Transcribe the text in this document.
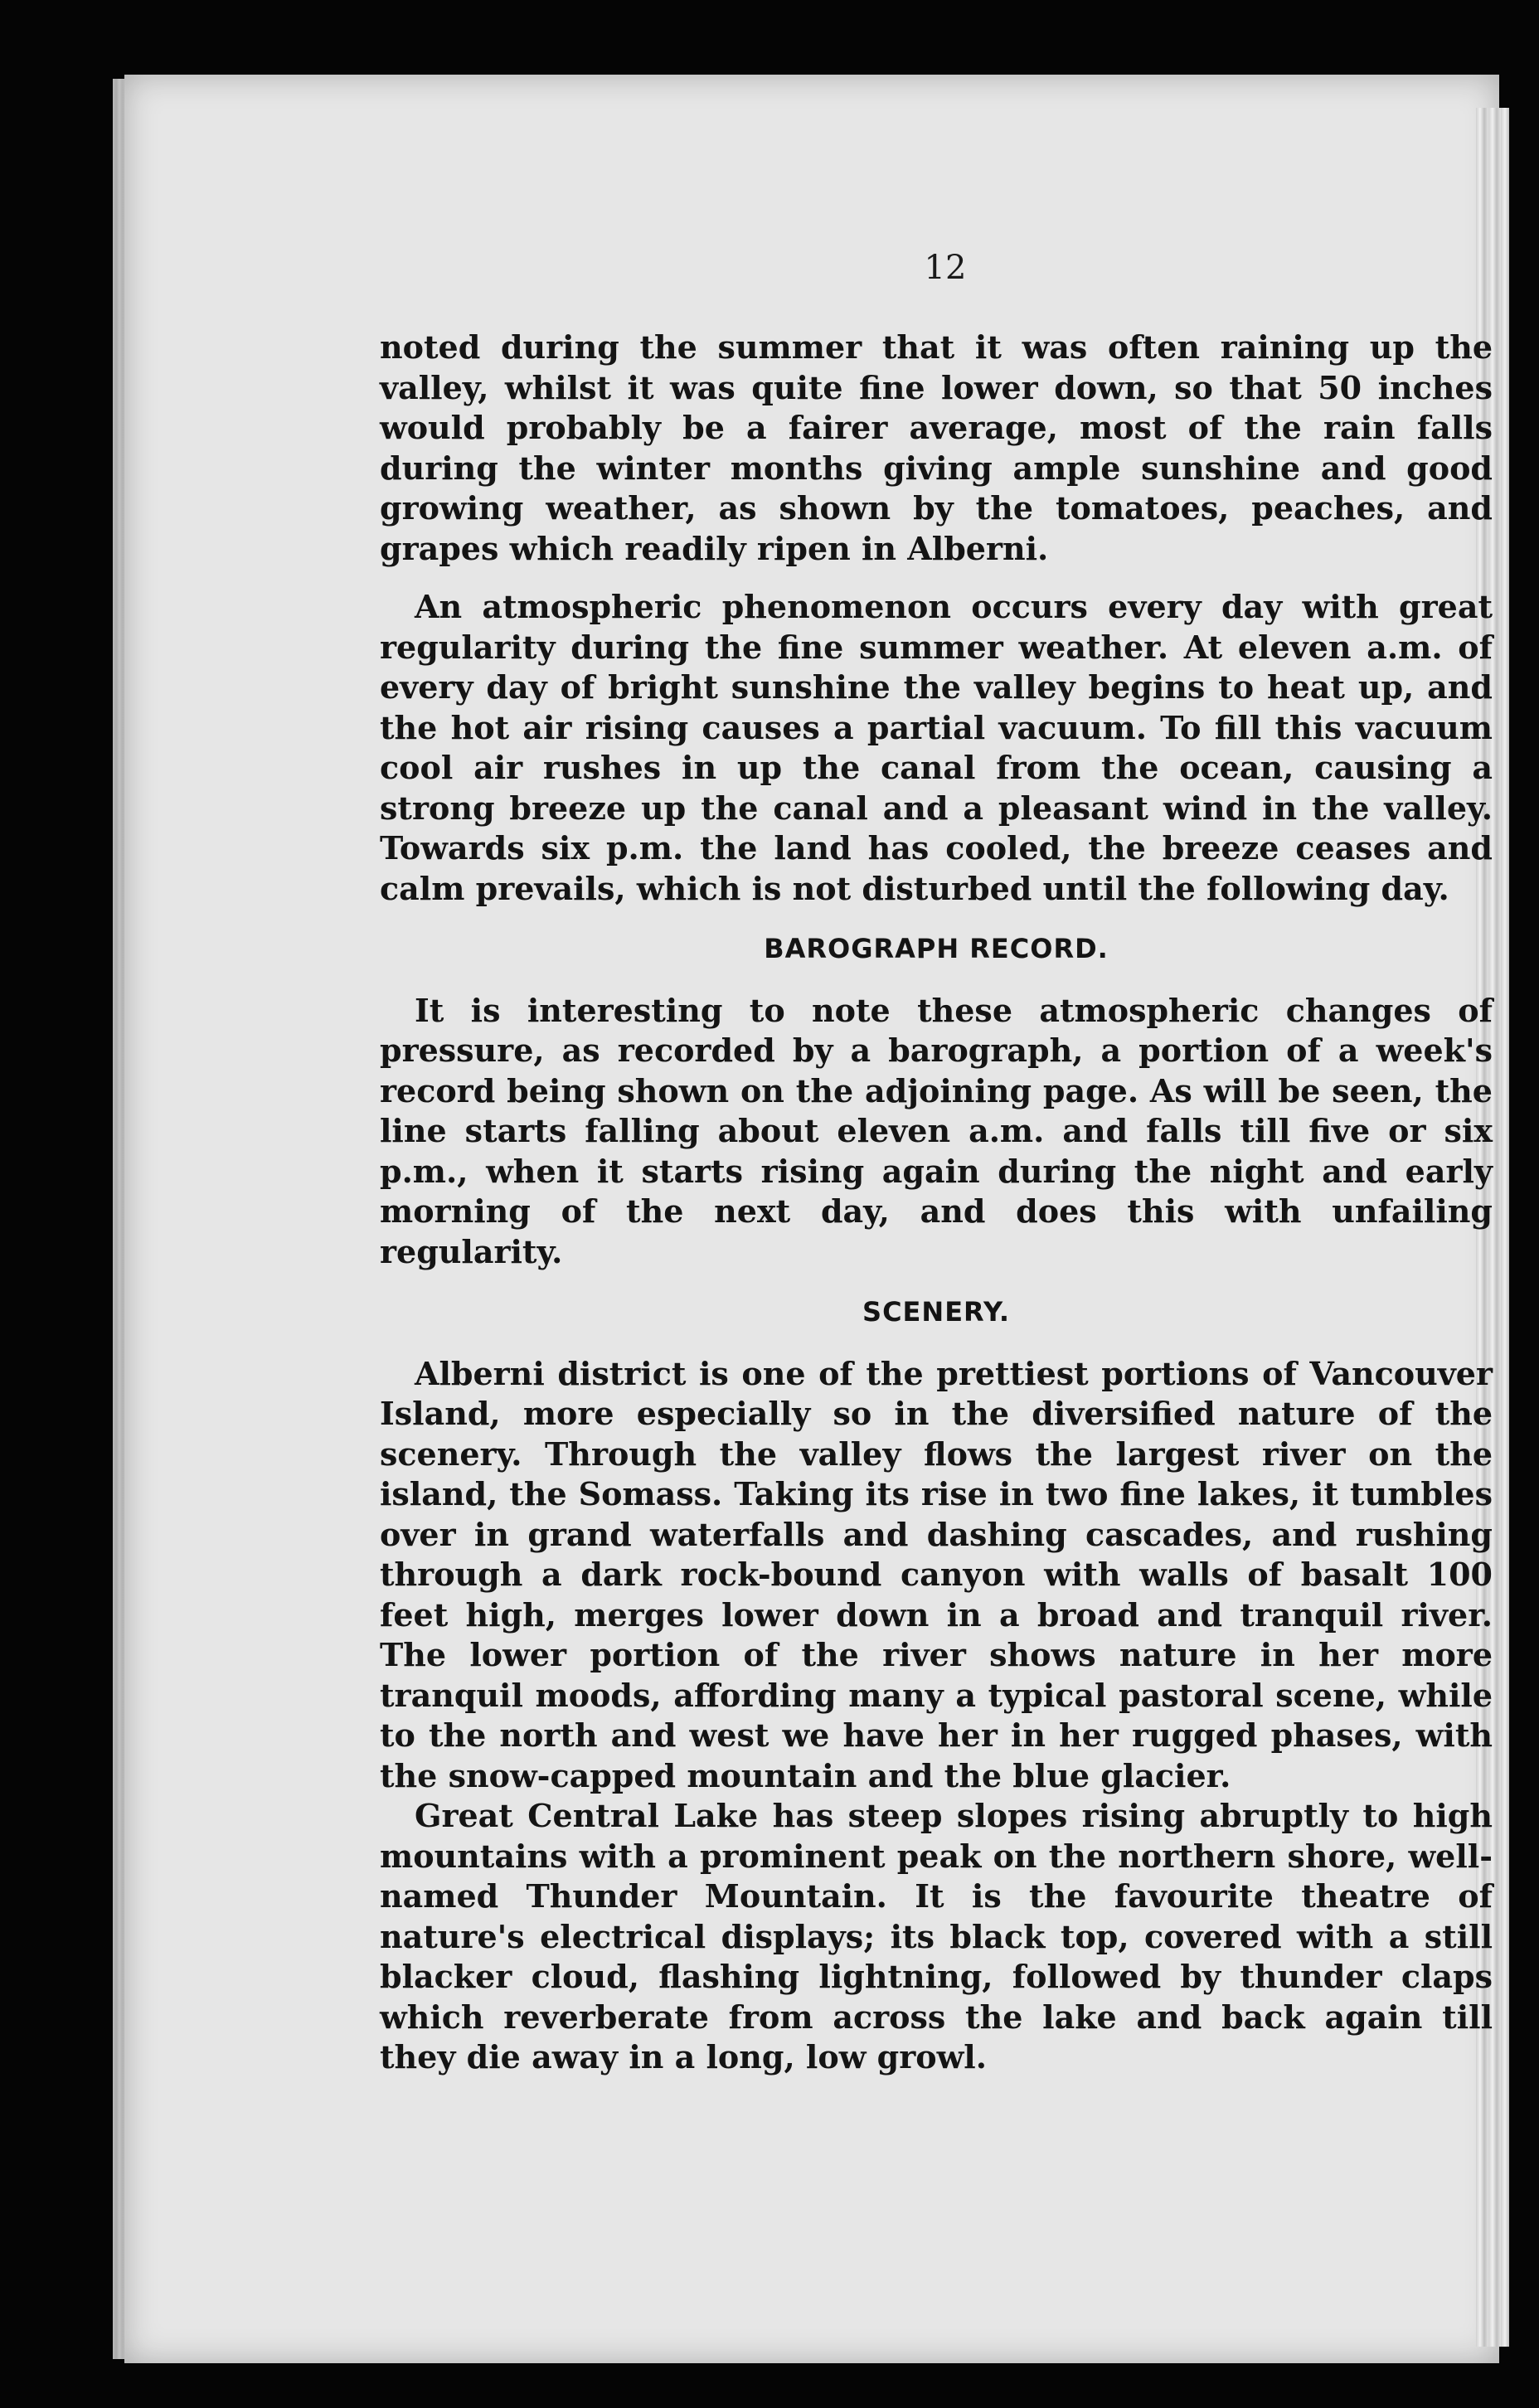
12

noted during the summer that it was often raining up the valley, whilst it was quite fine lower down, so that 50 inches would probably be a fairer average, most of the rain falls during the winter months giving ample sunshine and good growing weather, as shown by the tomatoes, peaches, and grapes which readily ripen in Alberni.

An atmospheric phenomenon occurs every day with great regularity during the fine summer weather. At eleven a.m. of every day of bright sunshine the valley begins to heat up, and the hot air rising causes a partial vacuum. To fill this vacuum cool air rushes in up the canal from the ocean, causing a strong breeze up the canal and a pleasant wind in the valley. Towards six p.m. the land has cooled, the breeze ceases and calm prevails, which is not disturbed until the following day.

BAROGRAPH RECORD.

It is interesting to note these atmospheric changes of pressure, as recorded by a barograph, a portion of a week's record being shown on the adjoining page. As will be seen, the line starts falling about eleven a.m. and falls till five or six p.m., when it starts rising again during the night and early morning of the next day, and does this with unfailing regularity.

SCENERY.

Alberni district is one of the prettiest portions of Vancouver Island, more especially so in the diversified nature of the scenery. Through the valley flows the largest river on the island, the Somass. Taking its rise in two fine lakes, it tumbles over in grand waterfalls and dashing cascades, and rushing through a dark rock-bound canyon with walls of basalt 100 feet high, merges lower down in a broad and tranquil river. The lower portion of the river shows nature in her more tranquil moods, affording many a typical pastoral scene, while to the north and west we have her in her rugged phases, with the snow-capped mountain and the blue glacier.

Great Central Lake has steep slopes rising abruptly to high mountains with a prominent peak on the northern shore, well-named Thunder Mountain. It is the favourite theatre of nature's electrical displays; its black top, covered with a still blacker cloud, flashing lightning, followed by thunder claps which reverberate from across the lake and back again till they die away in a long, low growl.
